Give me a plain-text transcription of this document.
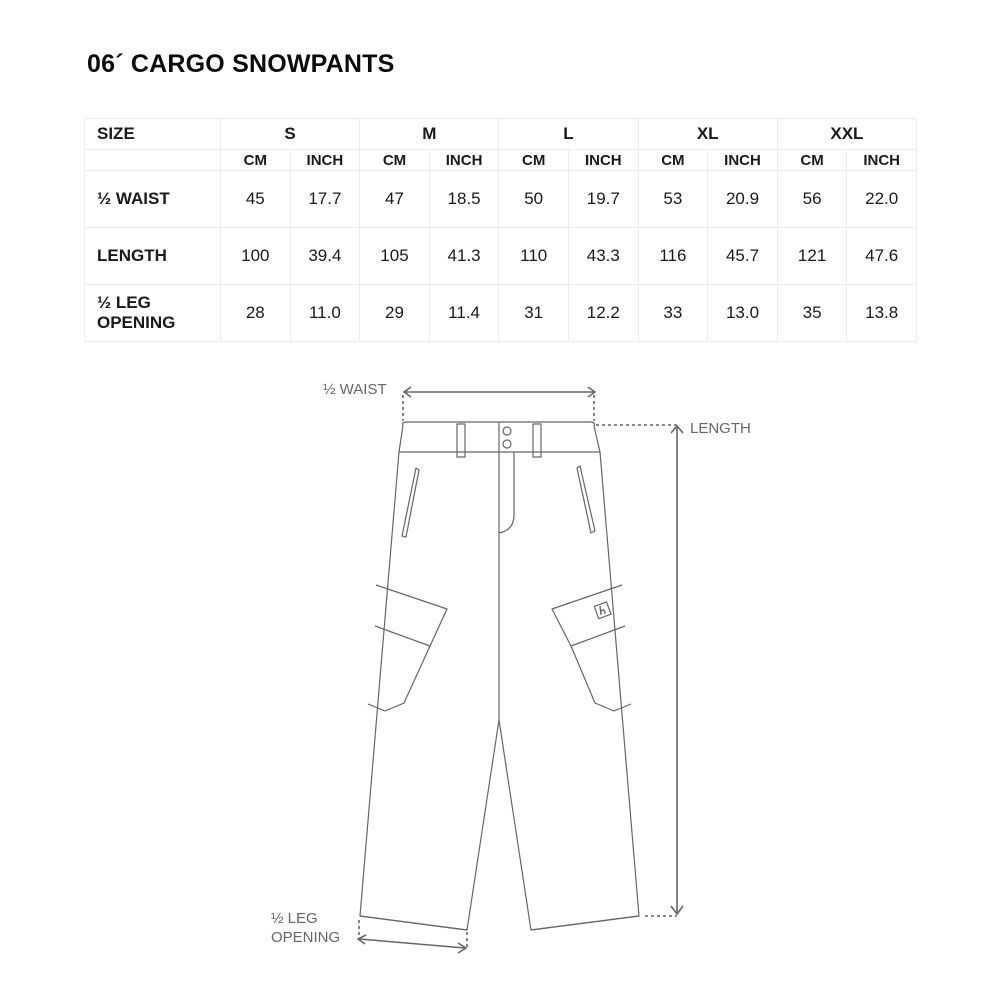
06´ CARGO SNOWPANTS
SIZE	S		M		L		XL		XXL	
	CM	INCH	CM	INCH	CM	INCH	CM	INCH	CM	INCH
½ WAIST	45	17.7	47	18.5	50	19.7	53	20.9	56	22.0
LENGTH	100	39.4	105	41.3	110	43.3	116	45.7	121	47.6

½ LEG
OPENING	28	11.0	29	11.4	31	12.2	33	13.0	35	13.8
½ WAIST
LENGTH
½ LEG
OPENING
